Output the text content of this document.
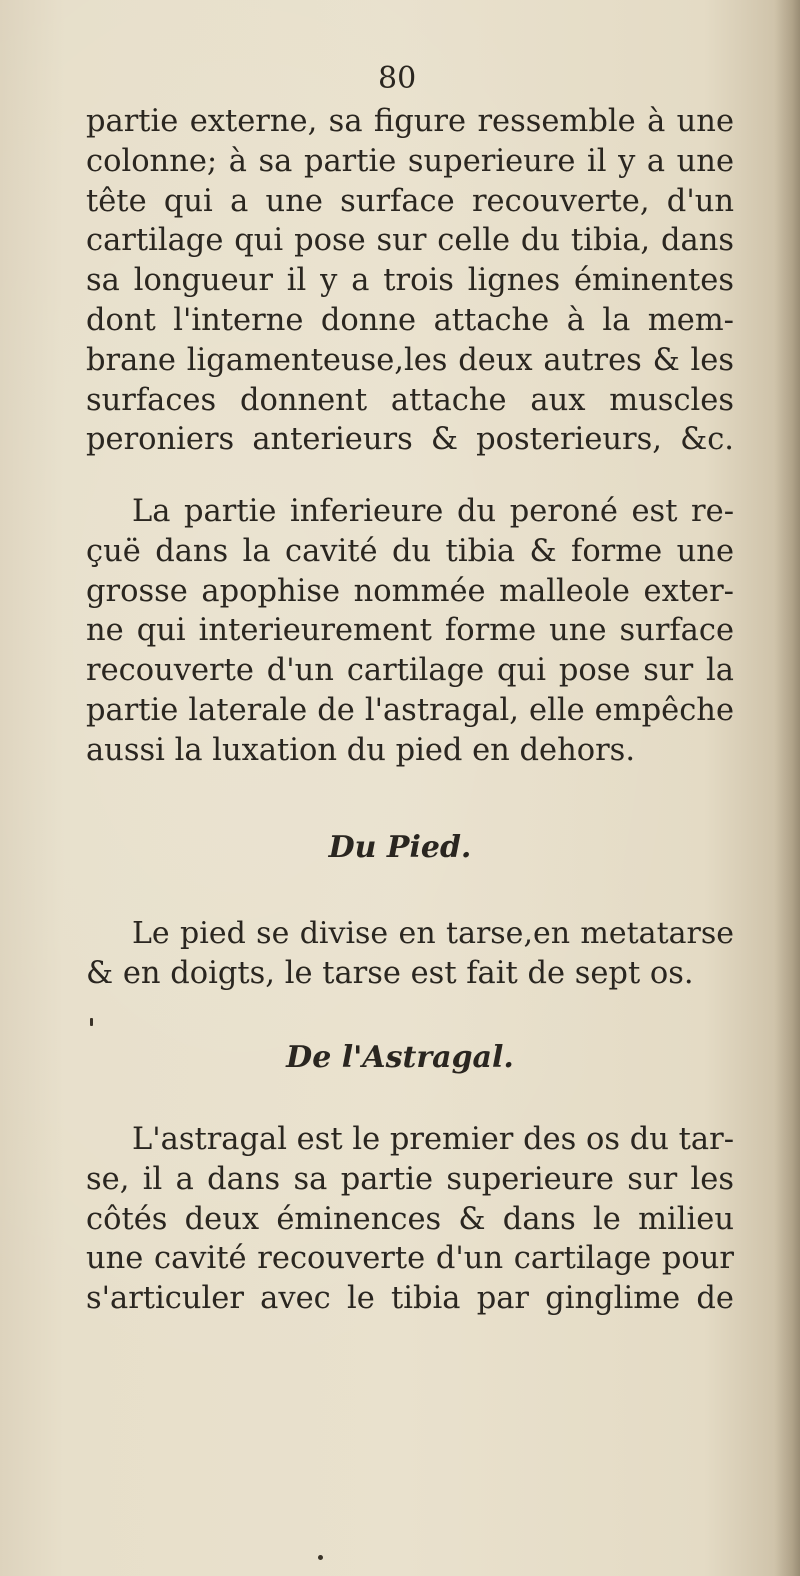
80
partie externe, sa figure ressemble à une
colonne; à sa partie superieure il y a une
tête qui a une surface recouverte, d'un
cartilage qui pose sur celle du tibia, dans
sa longueur il y a trois lignes éminentes
dont l'interne donne attache à la mem-
brane ligamenteuse,les deux autres & les
surfaces donnent attache aux muscles
peroniers anterieurs & posterieurs, &c.
La partie inferieure du peroné est re-
çuë dans la cavité du tibia & forme une
grosse apophise nommée malleole exter-
ne qui interieurement forme une surface
recouverte d'un cartilage qui pose sur la
partie laterale de l'astragal, elle empêche
aussi la luxation du pied en dehors.
Du Pied.
Le pied se divise en tarse,en metatarse
& en doigts, le tarse est fait de sept os.
De l'Astragal.
L'astragal est le premier des os du tar-
se, il a dans sa partie superieure sur les
côtés deux éminences & dans le milieu
une cavité recouverte d'un cartilage pour
s'articuler avec le tibia par ginglime de
